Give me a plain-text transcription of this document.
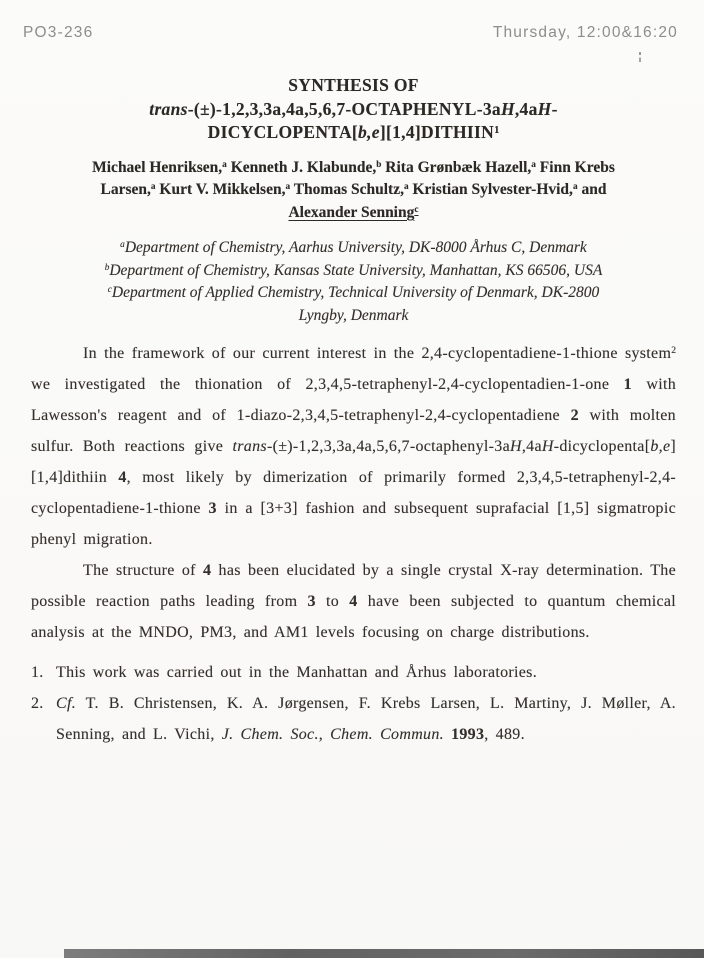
PO3-236	Thursday, 12:00&16:20
SYNTHESIS OF
trans-(±)-1,2,3,3a,4a,5,6,7-OCTAPHENYL-3aH,4aH-
DICYCLOPENTA[b,e][1,4]DITHIIN$^1$
Michael Henriksen,$^a$ Kenneth J. Klabunde,$^b$ Rita Grønbæk Hazell,$^a$ Finn Krebs
Larsen,$^a$ Kurt V. Mikkelsen,$^a$ Thomas Schultz,$^a$ Kristian Sylvester-Hvid,$^a$ and
Alexander Senning$^c$
$^a$Department of Chemistry, Aarhus University, DK-8000 Århus C, Denmark
$^b$Department of Chemistry, Kansas State University, Manhattan, KS 66506, USA
$^c$Department of Applied Chemistry, Technical University of Denmark, DK-2800
Lyngby, Denmark

In the framework of our current interest in the 2,4-cyclopentadiene-1-thione system$^2$ we investigated the thionation of 2,3,4,5-tetraphenyl-2,4-cyclopentadien-1-one 1 with Lawesson's reagent and of 1-diazo-2,3,4,5-tetraphenyl-2,4-cyclopentadiene 2 with molten sulfur. Both reactions give trans-(±)-1,2,3,3a,4a,5,6,7-octaphenyl-3aH,4aH-dicyclopenta[b,e][1,4]dithiin 4, most likely by dimerization of primarily formed 2,3,4,5-tetraphenyl-2,4-cyclopentadiene-1-thione 3 in a [3+3] fashion and subsequent suprafacial [1,5] sigmatropic phenyl migration.

The structure of 4 has been elucidated by a single crystal X-ray determination. The possible reaction paths leading from 3 to 4 have been subjected to quantum chemical analysis at the MNDO, PM3, and AM1 levels focusing on charge distributions.

1. This work was carried out in the Manhattan and Århus laboratories.
2. Cf. T. B. Christensen, K. A. Jørgensen, F. Krebs Larsen, L. Martiny, J. Møller, A. Senning, and L. Vichi, J. Chem. Soc., Chem. Commun. 1993, 489.
